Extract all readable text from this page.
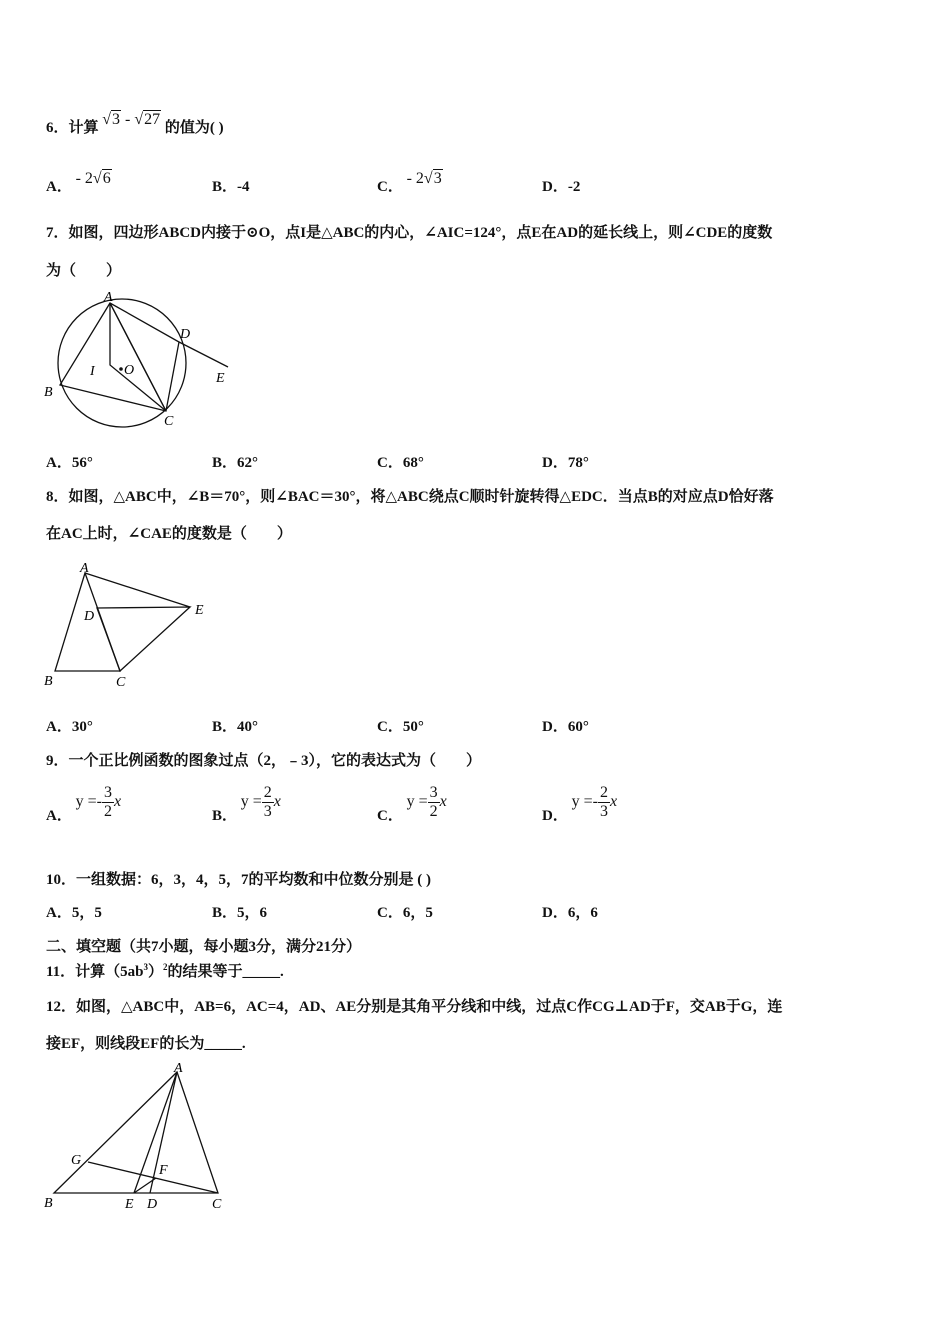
6．计算 √3 - √27 的值为( )
A． - 2√6	B．-4	C． - 2√3	D．-2
7．如图，四边形ABCD内接于⊙O，点I是△ABC的内心，∠AIC=124°，点E在AD的延长线上，则∠CDE的度数
为（　　）
A
B
C
D
E
I O
A．56°	B．62°	C．68°	D．78°
8．如图，△ABC中，∠B＝70°，则∠BAC＝30°，将△ABC绕点C顺时针旋转得△EDC．当点B的对应点D恰好落
在AC上时，∠CAE的度数是（　　）
A
B	C
D	E
A．30°	B．40°	C．50°	D．60°
9．一个正比例函数的图象过点（2，﹣3），它的表达式为（　　）
A． $y =- \frac{3}{2}$ x
B． $y = \frac{2}{3}$ x
C． $y = \frac{3}{2}$ x
D． $y =- \frac{2}{3}$ x
10．一组数据：6，3，4，5，7的平均数和中位数分别是 ( )
A．5，5	B．5，6	C．6，5	D．6，6
二、填空题（共7小题，每小题3分，满分21分）
11．计算$(5ab^3)^2$的结果等于_____.
12．如图，△ABC中，AB=6，AC=4，AD、AE分别是其角平分线和中线，过点C作CG⊥AD于F，交AB于G，连
接EF，则线段EF的长为_____.
A
B	C
D
E
F
G
